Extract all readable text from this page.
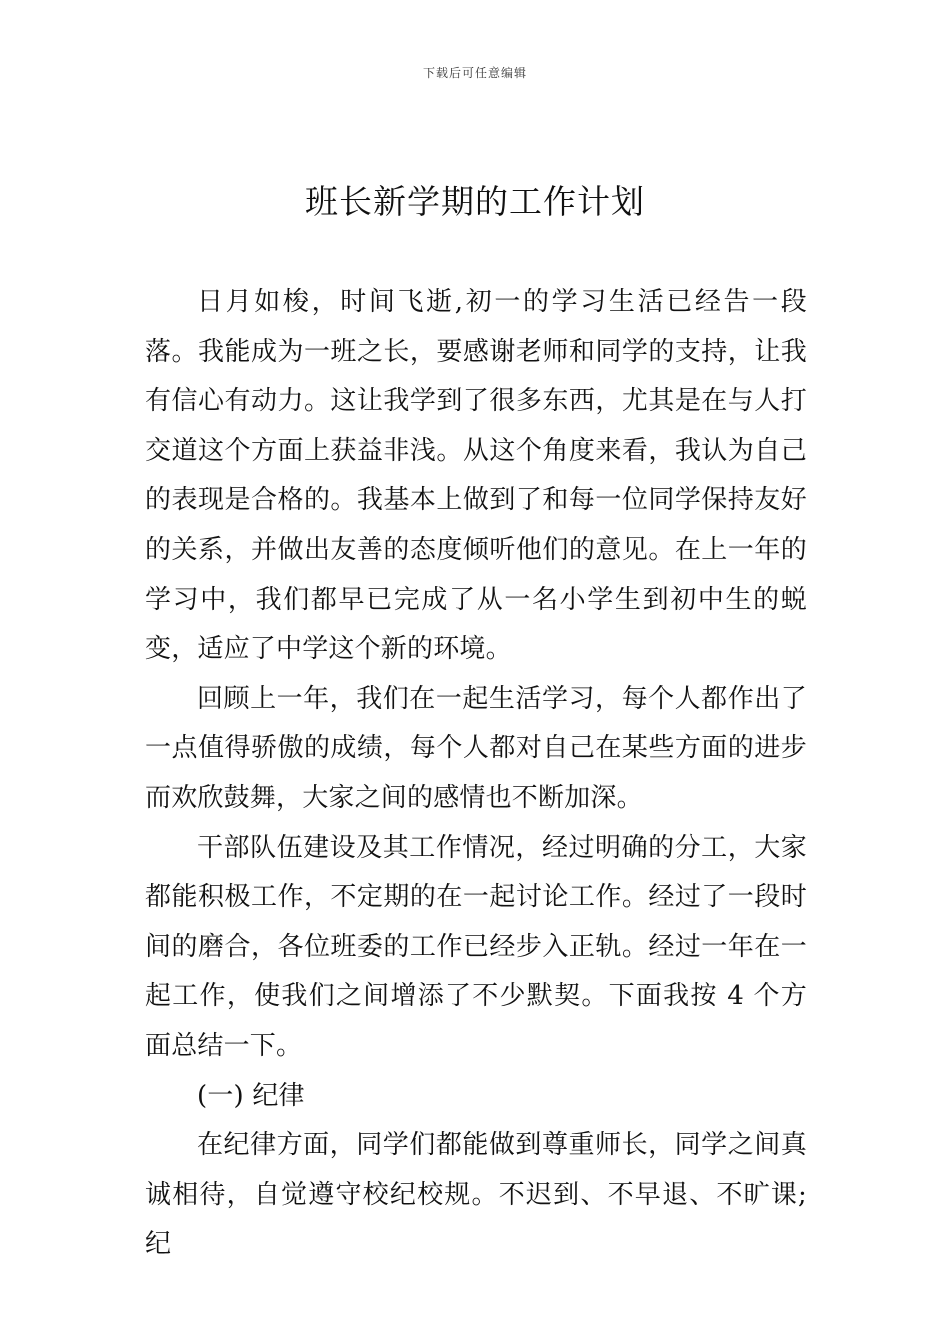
下载后可任意编辑
班长新学期的工作计划

日月如梭，时间飞逝,初一的学习生活已经告一段落。我能成为一班之长，要感谢老师和同学的支持，让我有信心有动力。这让我学到了很多东西，尤其是在与人打交道这个方面上获益非浅。从这个角度来看，我认为自己的表现是合格的。我基本上做到了和每一位同学保持友好的关系，并做出友善的态度倾听他们的意见。在上一年的学习中，我们都早已完成了从一名小学生到初中生的蜕变，适应了中学这个新的环境。

回顾上一年，我们在一起生活学习，每个人都作出了一点值得骄傲的成绩，每个人都对自己在某些方面的进步而欢欣鼓舞，大家之间的感情也不断加深。

干部队伍建设及其工作情况，经过明确的分工，大家都能积极工作，不定期的在一起讨论工作。经过了一段时间的磨合，各位班委的工作已经步入正轨。经过一年在一起工作，使我们之间增添了不少默契。下面我按 4 个方面总结一下。

(一) 纪律

在纪律方面，同学们都能做到尊重师长，同学之间真诚相待，自觉遵守校纪校规。不迟到、不早退、不旷课;纪
